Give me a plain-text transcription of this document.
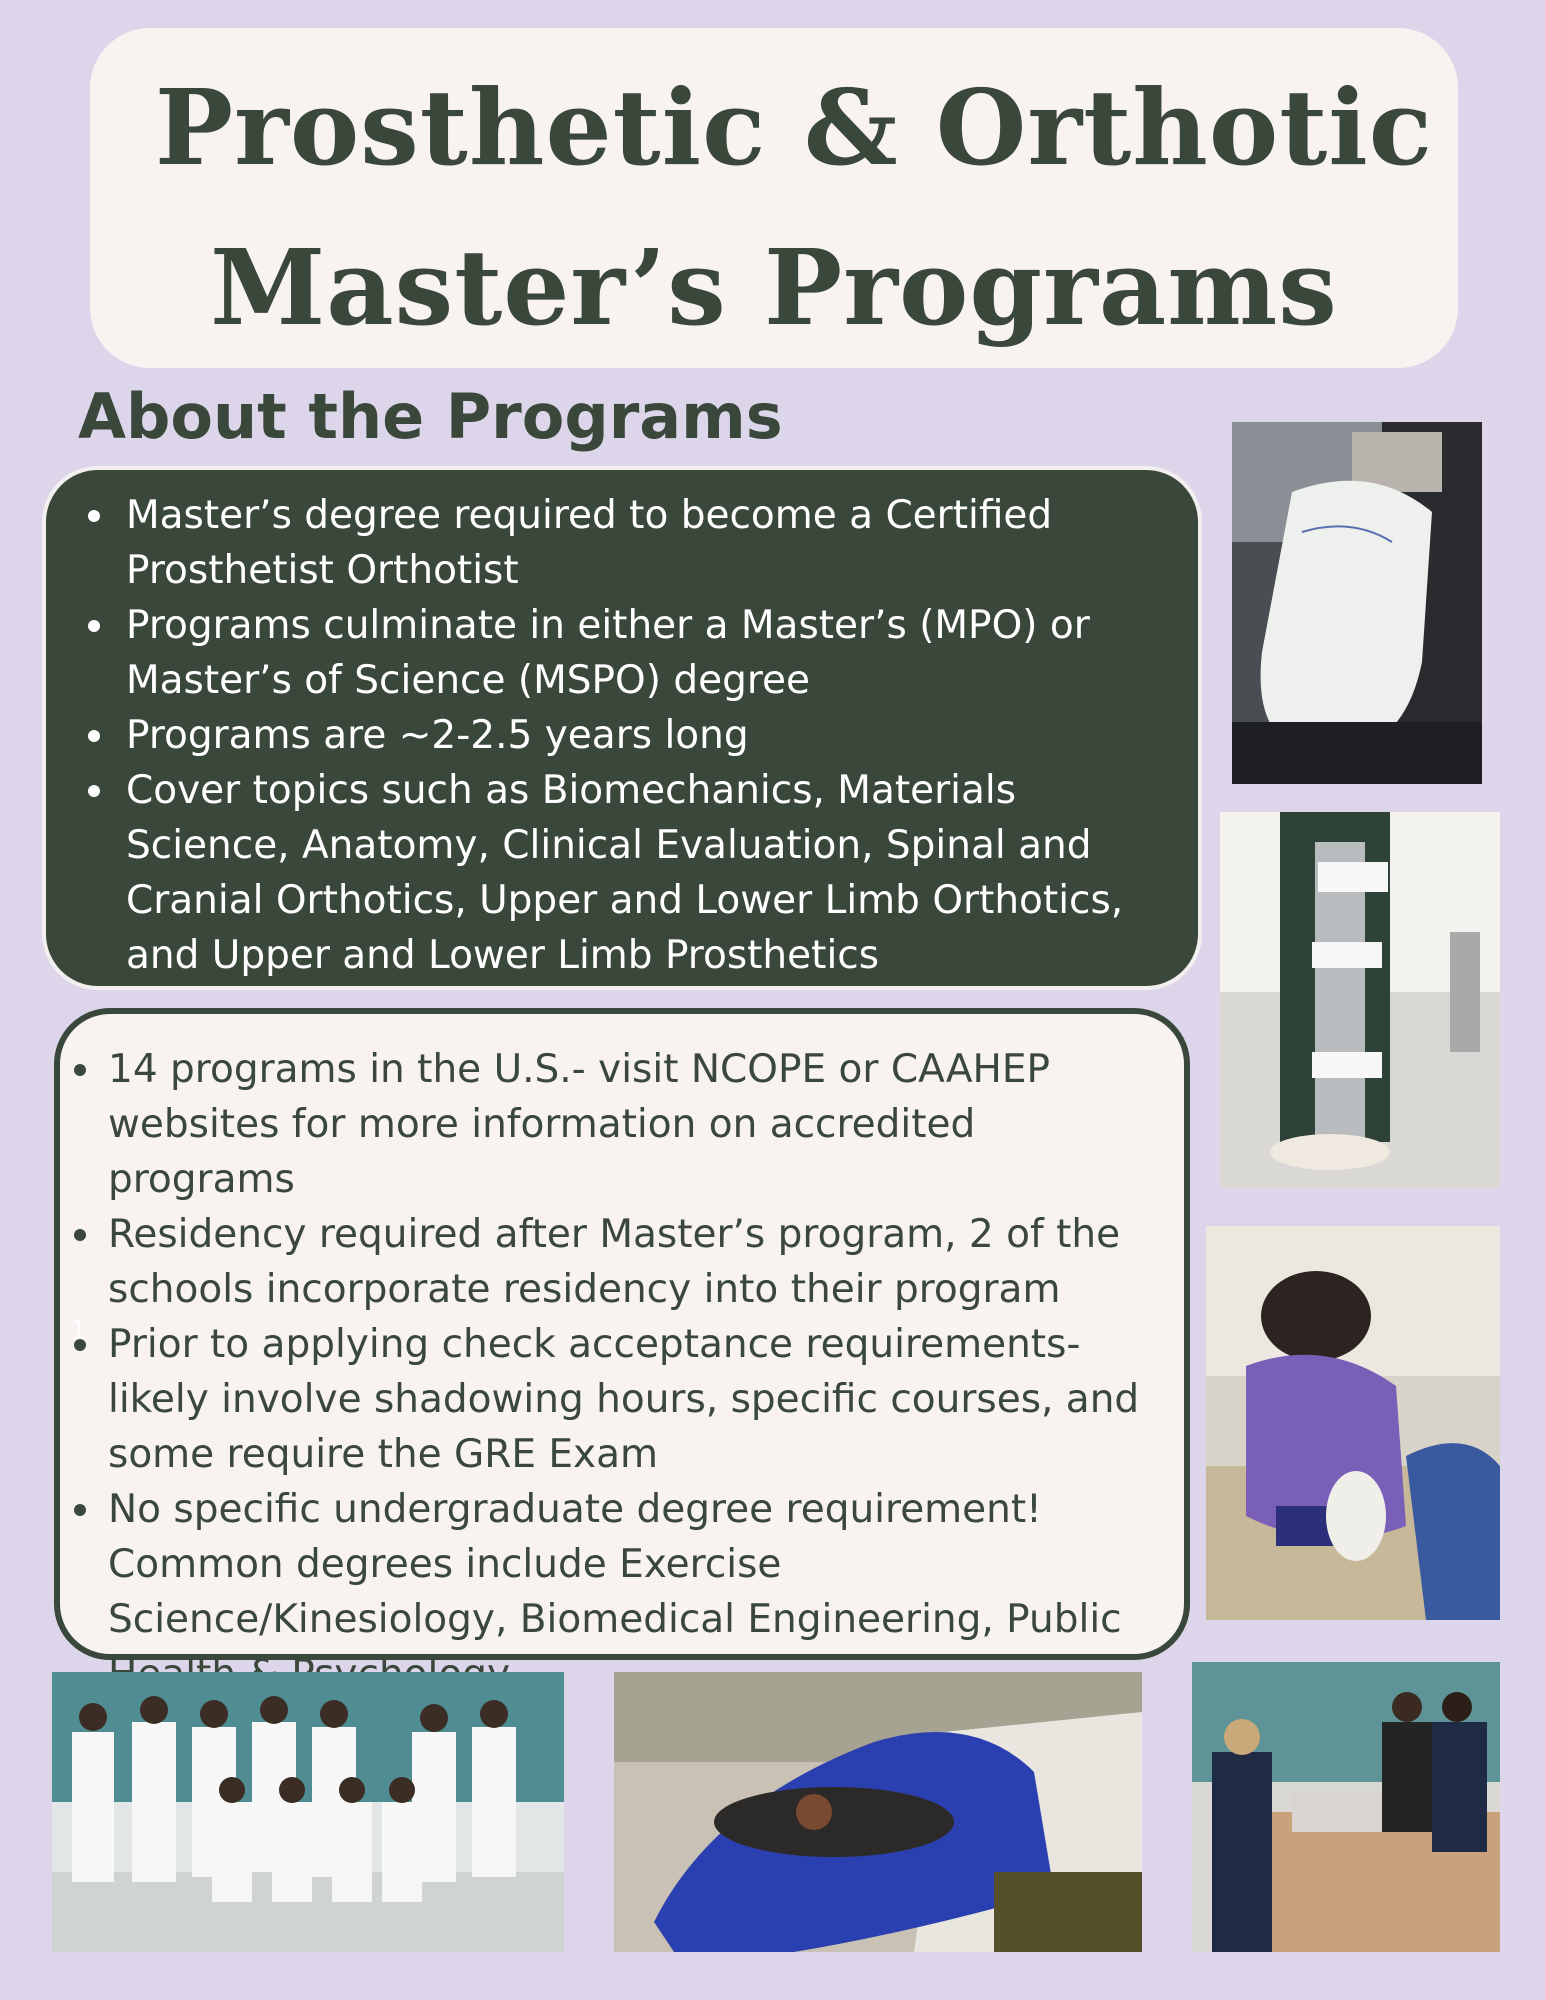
Prosthetic & Orthotic
Master’s Programs
About the Programs
Master’s degree required to become a Certified Prosthetist Orthotist
Programs culminate in either a Master’s (MPO) or Master’s of Science (MSPO) degree
Programs are ~2-2.5 years long
Cover topics such as Biomechanics, Materials Science, Anatomy, Clinical Evaluation, Spinal and Cranial Orthotics, Upper and Lower Limb Orthotics, and Upper and Lower Limb Prosthetics
14 programs in the U.S.- visit NCOPE or CAAHEP websites for more information on accredited programs
Residency required after Master’s program, 2 of the schools incorporate residency into their program
Prior to applying check acceptance requirements- likely involve shadowing hours, specific courses, and some require the GRE Exam
No specific undergraduate degree requirement! Common degrees include Exercise Science/Kinesiology, Biomedical Engineering, Public
1
